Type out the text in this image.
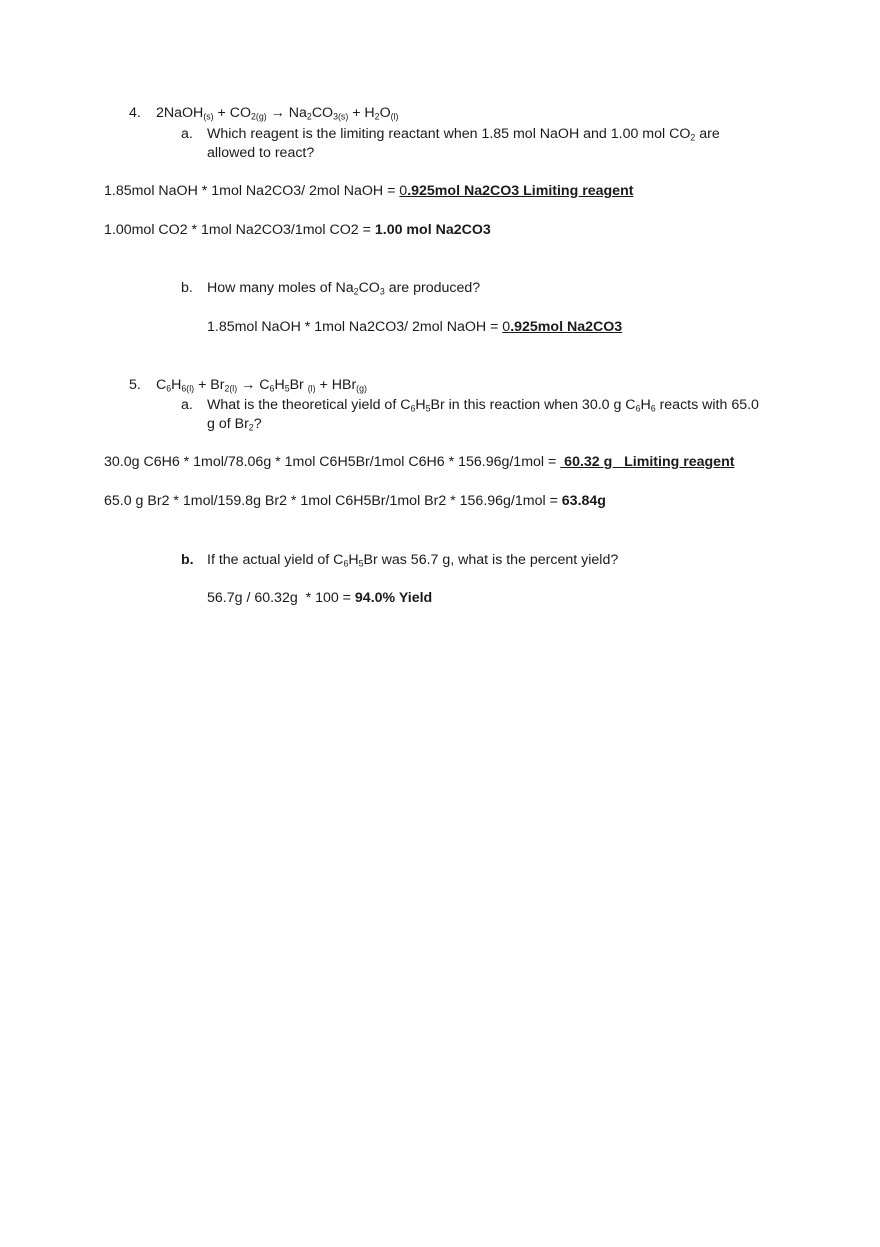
4. 2NaOH$_{(s)}$ + $CO_{2(g)} \to Na_2CO_{3(s)} + H_2O_{(l)}$
a. Which reagent is the limiting reactant when 1.85 mol NaOH and 1.00 mol $CO_2$ are
allowed to react?
1.85mol NaOH * 1mol Na2CO3/ 2mol NaOH = 0.925mol Na2CO3 Limiting reagent
1.00mol CO2 * 1mol Na2CO3/1mol CO2 = 1.00 mol Na2CO3
b. How many moles of $Na_2CO_3$ are produced?
1.85mol NaOH * 1mol Na2CO3/ 2mol NaOH = 0.925mol Na2CO3
5. $C_6H_{6(l)} + Br_{2(l)} \to C_6H_5Br$ $_{(l)}$ + HBr$_{(g)}$
a. What is the theoretical yield of $C_6H_5Br$ in this reaction when 30.0 g $C_6H_6$ reacts with 65.0
g of $Br_2$?
30.0g C6H6 * 1mol/78.06g * 1mol C6H5Br/1mol C6H6 * 156.96g/1mol =  60.32 g   Limiting reagent
65.0 g Br2 * 1mol/159.8g Br2 * 1mol C6H5Br/1mol Br2 * 156.96g/1mol = 63.84g
b. If the actual yield of $C_6H_5Br$ was 56.7 g, what is the percent yield?
56.7g / 60.32g  * 100 = 94.0% Yield
